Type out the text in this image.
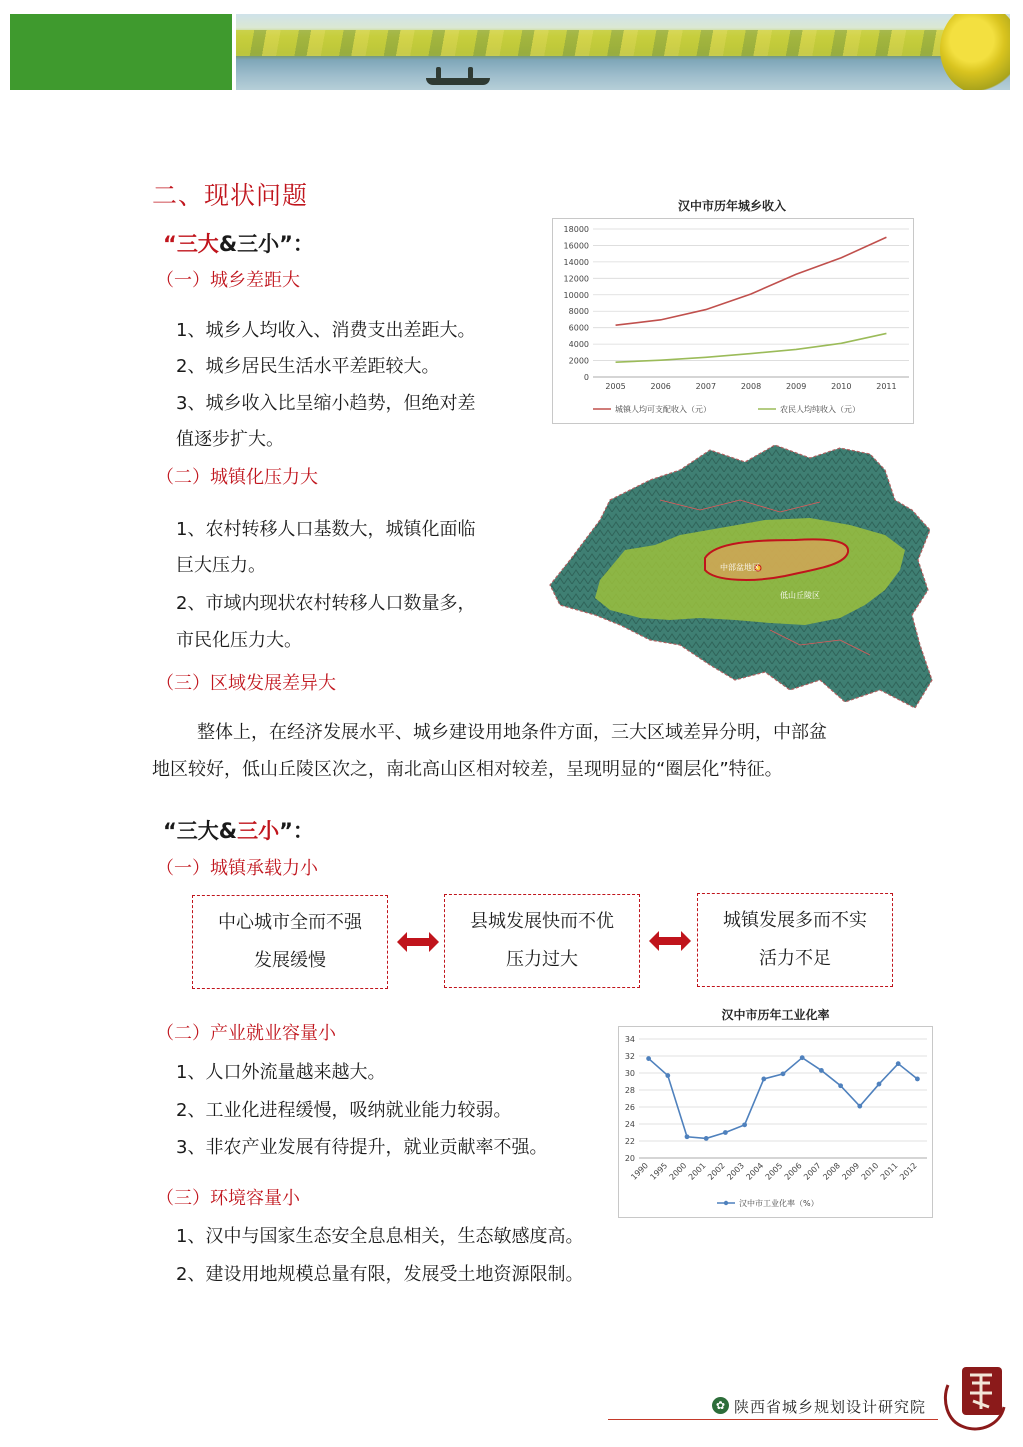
二、现状问题
“三大&三小”：
（一）城乡差距大
1、城乡人均收入、消费支出差距大。
2、城乡居民生活水平差距较大。
3、城乡收入比呈缩小趋势，但绝对差
值逐步扩大。
（二）城镇化压力大
1、农村转移人口基数大，城镇化面临
巨大压力。
2、市域内现状农村转移人口数量多，
市民化压力大。
（三）区域发展差异大
整体上，在经济发展水平、城乡建设用地条件方面，三大区域差异分明，中部盆
地区较好，低山丘陵区次之，南北高山区相对较差，呈现明显的“圈层化”特征。
汉中市历年城乡收入
0
2000
4000
6000
8000
10000
12000
14000
16000
18000
2005	2006	2007	2008	2009	2010	2011
城镇人均可支配收入（元）	农民人均纯收入（元）
中部盆地区
低山丘陵区
“三大&三小”：
（一）城镇承载力小
中心城市全而不强
发展缓慢
县城发展快而不优
压力过大
城镇发展多而不实
活力不足
（二）产业就业容量小
1、人口外流量越来越大。
2、工业化进程缓慢，吸纳就业能力较弱。
3、非农产业发展有待提升，就业贡献率不强。
（三）环境容量小
1、汉中与国家生态安全息息相关，生态敏感度高。
2、建设用地规模总量有限，发展受土地资源限制。
汉中市历年工业化率
20
22
24
26
28
30
32
34
1990
1995
2000
2001
2002
2003
2004
2005
2006
2007
2008
2009
2010
2011
2012
汉中市工业化率（%）
✿ 陕西省城乡规划设计研究院
